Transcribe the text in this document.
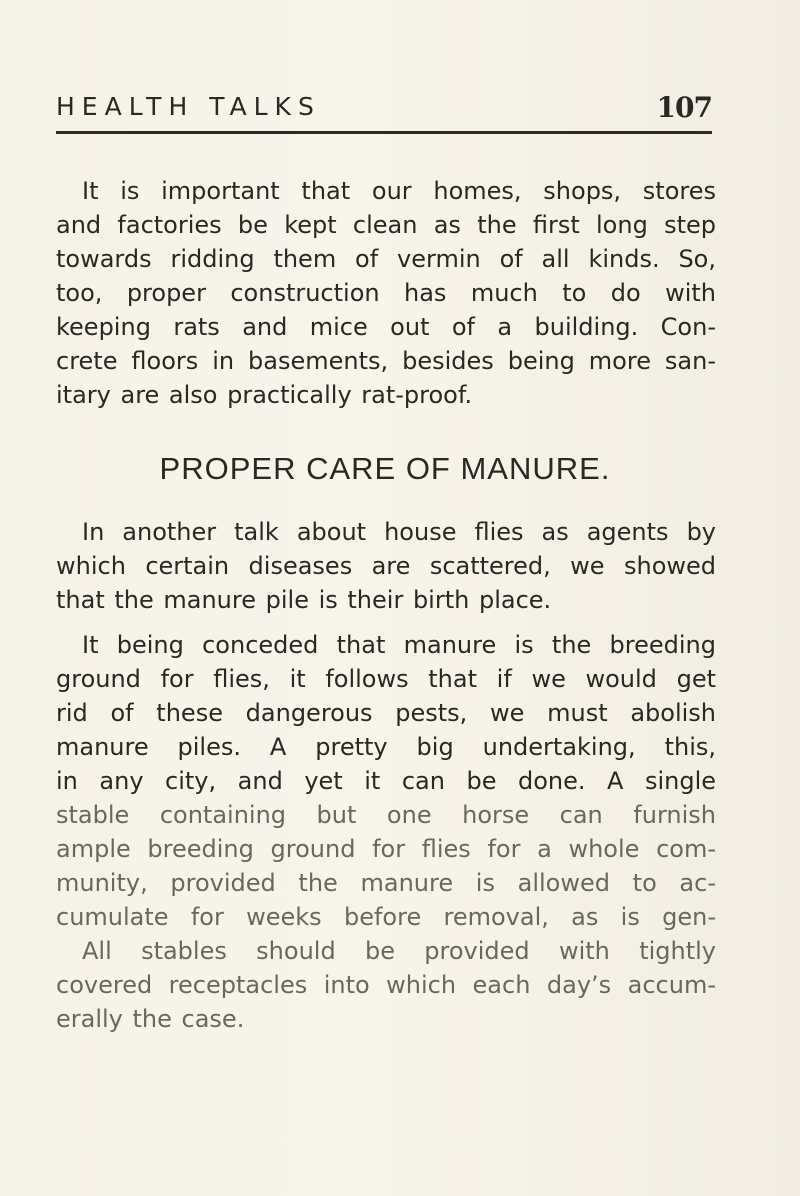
HEALTH TALKS	107
It is important that our homes, shops, stores
and factories be kept clean as the first long step
towards ridding them of vermin of all kinds. So,
too, proper construction has much to do with
keeping rats and mice out of a building. Con-
crete floors in basements, besides being more san-
itary are also practically rat-proof.
PROPER CARE OF MANURE.
In another talk about house flies as agents by
which certain diseases are scattered, we showed
that the manure pile is their birth place.
It being conceded that manure is the breeding
ground for flies, it follows that if we would get
rid of these dangerous pests, we must abolish
manure piles. A pretty big undertaking, this,
in any city, and yet it can be done. A single
stable containing but one horse can furnish
ample breeding ground for flies for a whole com-
munity, provided the manure is allowed to ac-
cumulate for weeks before removal, as is gen-
All stables should be provided with tightly
covered receptacles into which each day’s accum-
erally the case.
